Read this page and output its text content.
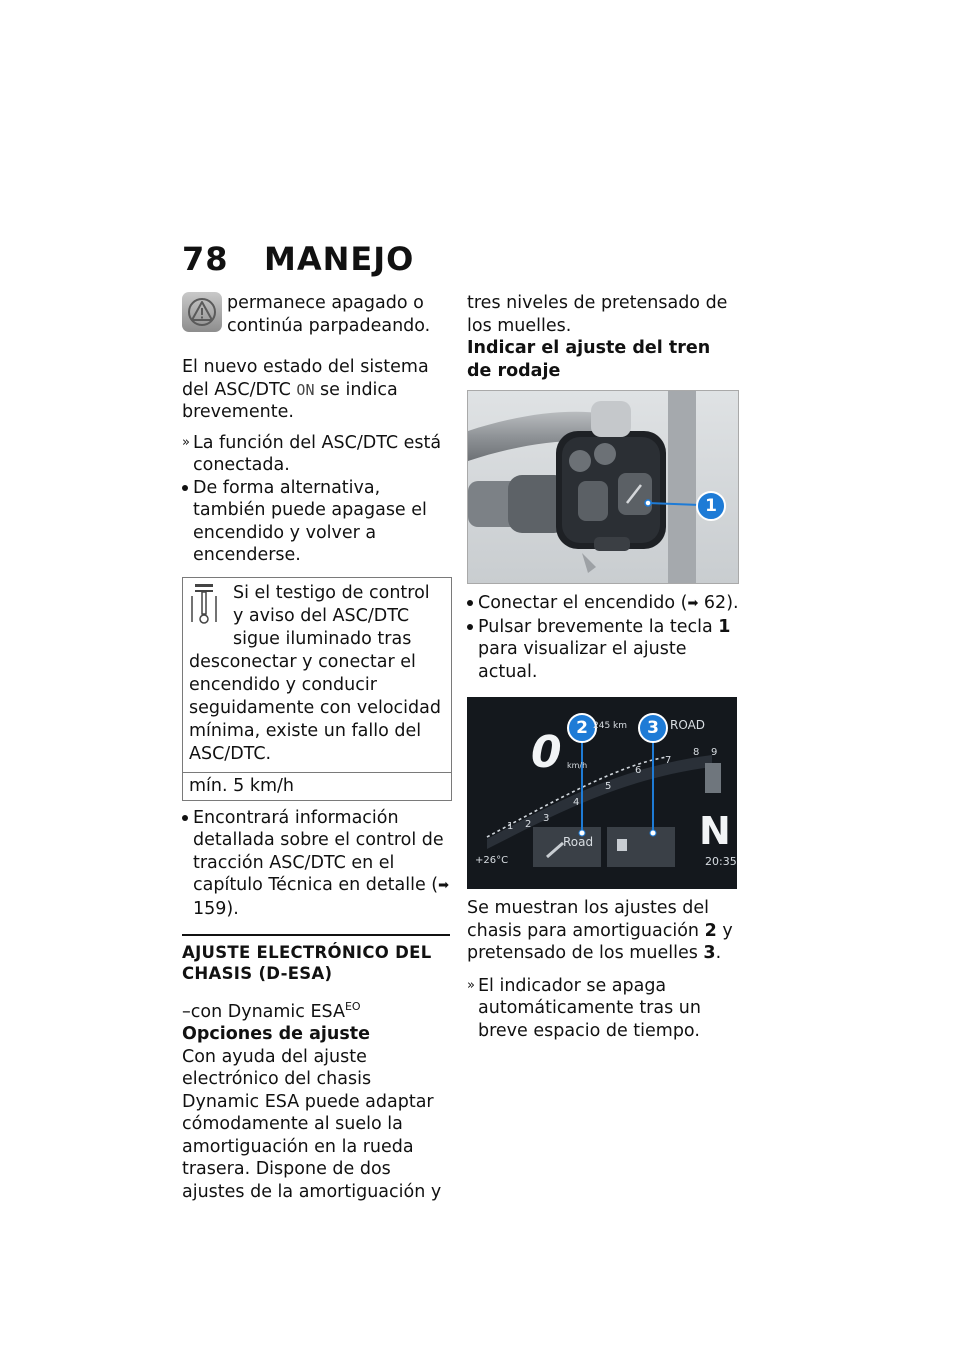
78 MANEJO

permanece apagado o continúa parpadeando.

El nuevo estado del sistema del ASC/DTC ON se indica brevemente.

» La función del ASC/DTC está conectada.

De forma alternativa, también puede apagase el encendido y volver a encenderse.

Si el testigo de control y aviso del ASC/DTC sigue iluminado tras desconectar y conectar el encendido y conducir seguidamente con velocidad mínima, existe un fallo del ASC/DTC.

mín. 5 km/h

Encontrará información detallada sobre el control de tracción ASC/DTC en el capítulo Técnica en detalle (➡ 159).

AJUSTE ELECTRÓNICO DEL CHASIS (D-ESA)

–con Dynamic $ESA^{EO}$

Opciones de ajuste

Con ayuda del ajuste electrónico del chasis Dynamic ESA puede adaptar cómodamente al suelo la amortiguación en la rueda trasera. Dispone de dos ajustes de la amortiguación y

tres niveles de pretensado de los muelles.

Indicar el ajuste del tren de rodaje

1

Conectar el encendido (➡ 62).

Pulsar brevemente la tecla 1 para visualizar el ajuste actual.

2	3
245 km	ROAD
0 km/h
N
+26°C	20:35
Road
1 2
3
4
5
6
7
8 9

Se muestran los ajustes del chasis para amortiguación 2 y pretensado de los muelles 3.

» El indicador se apaga automáticamente tras un breve espacio de tiempo.
